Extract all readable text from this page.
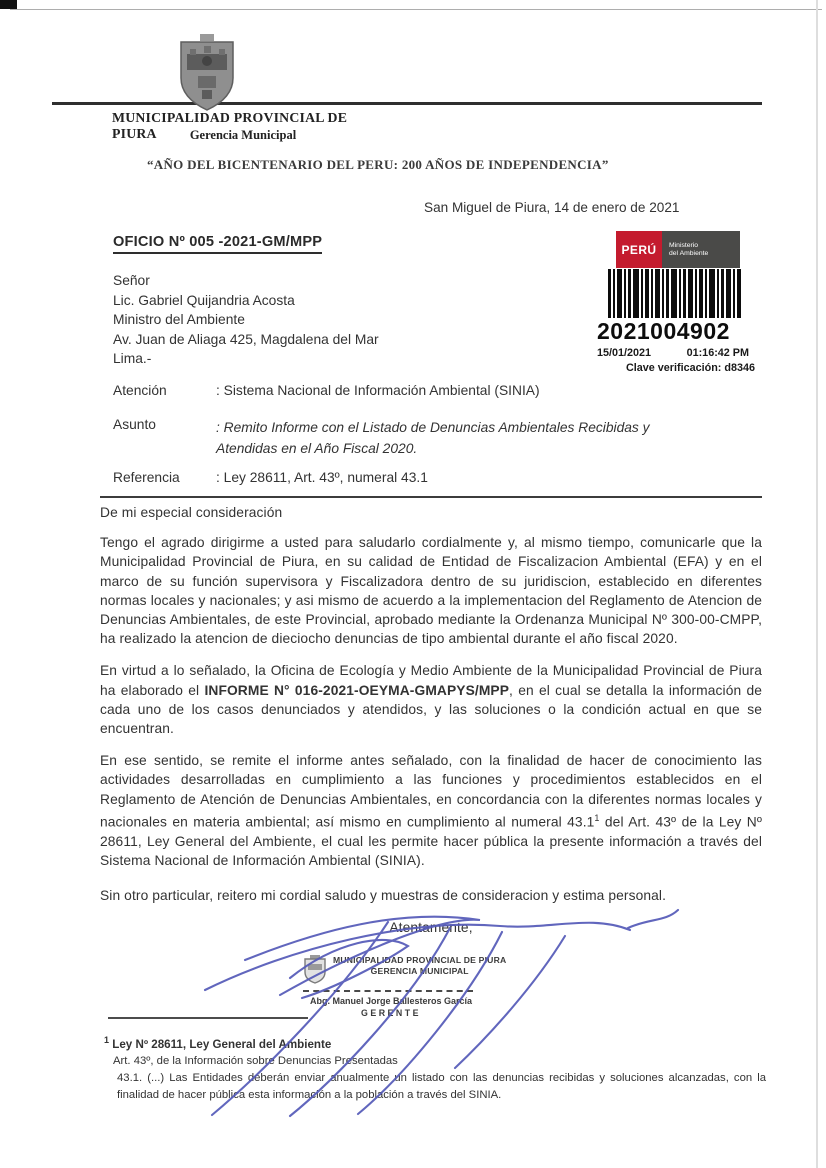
MUNICIPALIDAD PROVINCIAL DE PIURA	Gerencia Municipal
“AÑO DEL BICENTENARIO DEL PERU: 200 AÑOS DE INDEPENDENCIA”
San Miguel de Piura, 14 de enero de 2021
OFICIO Nº 005 -2021-GM/MPP
Señor
Lic. Gabriel Quijandria Acosta
Ministro del Ambiente
Av. Juan de Aliaga 425, Magdalena del Mar
Lima.-
PERÚ	Ministerio
del Ambiente
2021004902
15/01/2021	01:16:42 PM
Clave verificación: d8346
Atención	: Sistema Nacional de Información Ambiental (SINIA)
Asunto	: Remito Informe con el Listado de Denuncias Ambientales Recibidas y Atendidas en el Año Fiscal 2020.
Referencia	: Ley 28611, Art. 43º, numeral 43.1
De mi especial consideración

Tengo el agrado dirigirme a usted para saludarlo cordialmente y, al mismo tiempo, comunicarle que la Municipalidad Provincial de Piura, en su calidad de Entidad de Fiscalizacion Ambiental (EFA) y en el marco de su función supervisora y Fiscalizadora dentro de su juridiscion, establecido en diferentes normas locales y nacionales; y asi mismo de acuerdo a la implementacion del Reglamento de Atencion de Denuncias Ambientales, de este Provincial, aprobado mediante la Ordenanza Municipal Nº 300-00-CMPP, ha realizado la atencion de dieciocho denuncias de tipo ambiental durante el año fiscal 2020.

En virtud a lo señalado, la Oficina de Ecología y Medio Ambiente de la Municipalidad Provincial de Piura ha elaborado el INFORME N° 016-2021-OEYMA-GMAPYS/MPP, en el cual se detalla la información de cada uno de los casos denunciados y atendidos, y las soluciones o la condición actual en que se encuentran.

En ese sentido, se remite el informe antes señalado, con la finalidad de hacer de conocimiento las actividades desarrolladas en cumplimiento a las funciones y procedimientos establecidos en el Reglamento de Atención de Denuncias Ambientales, en concordancia con la diferentes normas locales y nacionales en materia ambiental; así mismo en cumplimiento al numeral 43.1$^1$ del Art. 43º de la Ley Nº 28611, Ley General del Ambiente, el cual les permite hacer pública la presente información a través del Sistema Nacional de Información Ambiental (SINIA).

Sin otro particular, reitero mi cordial saludo y muestras de consideracion y estima personal.

Atentamente,
MUNICIPALIDAD PROVINCIAL DE PIURA
GERENCIA MUNICIPAL
Abg. Manuel Jorge Ballesteros García
GERENTE
$^1$ Ley Nº 28611, Ley General del Ambiente
Art. 43º, de la Información sobre Denuncias Presentadas
43.1. (...) Las Entidades deberán enviar anualmente un listado con las denuncias recibidas y soluciones alcanzadas, con la finalidad de hacer pública esta información a la población a través del SINIA.
